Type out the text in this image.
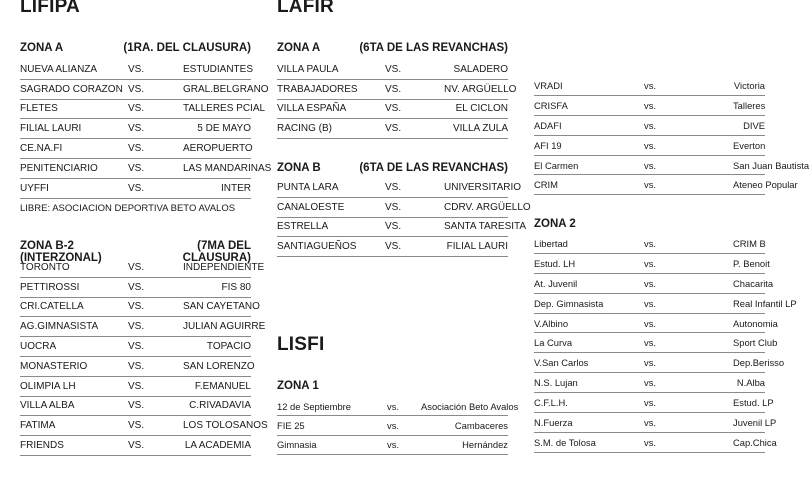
LIFIPA
ZONA A	(1RA. DEL CLAUSURA)
NUEVA ALIANZA	VS.	ESTUDIANTES
SAGRADO CORAZON VS.	GRAL.BELGRANO
FLETES	VS.	TALLERES PCIAL
FILIAL LAURI	VS.	5 DE MAYO
CE.NA.FI	VS.	AEROPUERTO
PENITENCIARIO	VS.	LAS MANDARINAS
UYFFI	VS.	INTER
LIBRE: ASOCIACION DEPORTIVA BETO AVALOS
ZONA B-2 (INTERZONAL)
(7MA DEL CLAUSURA)
TORONTO	VS.	INDEPENDIENTE
PETTIROSSI	VS.	FIS 80
CRI.CATELLA	VS.	SAN CAYETANO
AG.GIMNASISTA	VS.	JULIAN AGUIRRE
UOCRA	VS.	TOPACIO
MONASTERIO	VS.	SAN LORENZO
OLIMPIA LH	VS.	F.EMANUEL
VILLA ALBA	VS.	C.RIVADAVIA
FATIMA	VS.	LOS TOLOSANOS
FRIENDS	VS.	LA ACADEMIA
LAFIR
ZONA A	(6TA DE LAS REVANCHAS)
VILLA PAULA	VS.	SALADERO
TRABAJADORES	VS.	NV. ARGÜELLO
VILLA ESPAÑA	VS.	EL CICLON
RACING (B)	VS.	VILLA ZULA
ZONA B	(6TA DE LAS REVANCHAS)
PUNTA LARA	VS.	UNIVERSITARIO
CANALOESTE	VS.	CDRV. ARGÜELLO
ESTRELLA	VS.	SANTA TARESITA
SANTIAGUEÑOS	VS.	FILIAL LAURI
LISFI
ZONA 1
12 de Septiembre	vs.	Asociación Beto Avalos
FIE 25	vs.	Cambaceres
Gimnasia	vs.	Hernández
VRADI	vs.	Victoria
CRISFA	vs.	Talleres
ADAFI	vs.	DIVE
AFI 19	vs.	Everton
El Carmen	vs.	San Juan Bautista
CRIM	vs.	Ateneo Popular
ZONA 2
Libertad	vs.	CRIM B
Estud. LH	vs.	P. Benoit
At. Juvenil	vs.	Chacarita
Dep. Gimnasista	vs.	Real Infantil LP
V.Albino	vs.	Autonomia
La Curva	vs.	Sport Club
V.San Carlos	vs.	Dep.Berisso
N.S. Lujan	vs.	N.Alba
C.F.L.H.	vs.	Estud. LP
N.Fuerza	vs.	Juvenil LP
S.M. de Tolosa	vs.	Cap.Chica
